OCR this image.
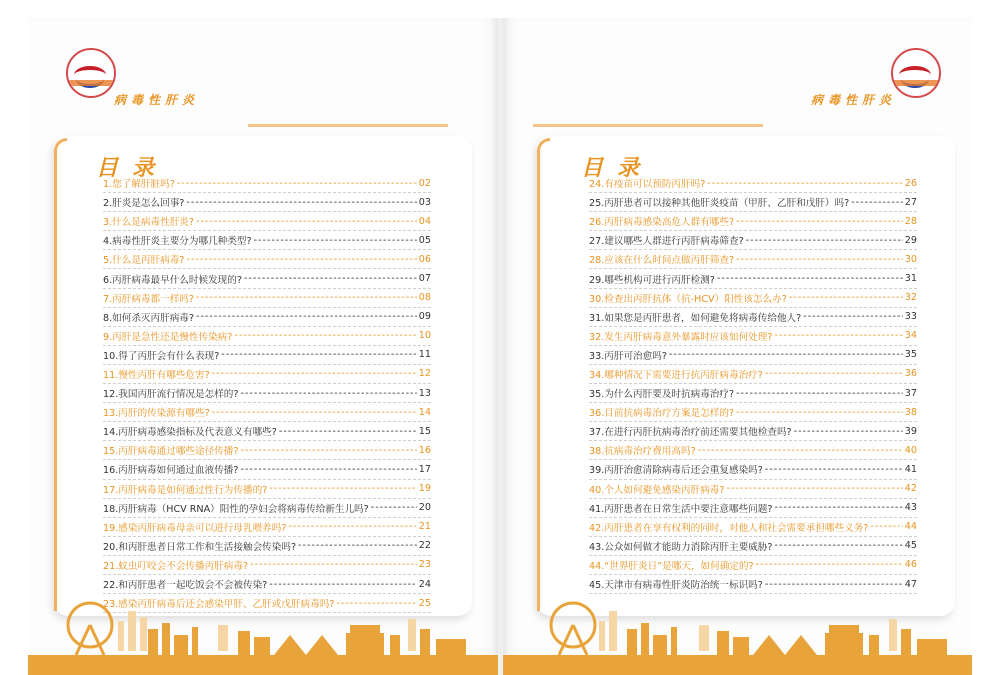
病毒性肝炎
目录
1.您了解肝脏吗? -----	02
2.肝炎是怎么回事? -----	03
3.什么是病毒性肝炎? -----	04
4.病毒性肝炎主要分为哪几种类型? -----	05
5.什么是丙肝病毒? -----	06
6.丙肝病毒最早什么时候发现的? -----	07
7.丙肝病毒都一样吗? -----	08
8.如何杀灭丙肝病毒? -----	09
9.丙肝是急性还是慢性传染病? -----	10
10.得了丙肝会有什么表现? -----	11
11.慢性丙肝有哪些危害? -----	12
12.我国丙肝流行情况是怎样的? -----	13
13.丙肝的传染源有哪些? -----	14
14.丙肝病毒感染指标及代表意义有哪些? -----	15
15.丙肝病毒通过哪些途径传播? -----	16
16.丙肝病毒如何通过血液传播? -----	17
17.丙肝病毒是如何通过性行为传播的? -----	19
18.丙肝病毒（HCV RNA）阳性的孕妇会将病毒传给新生儿吗? -----	20
19.感染丙肝病毒母亲可以进行母乳喂养吗? -----	21
20.和丙肝患者日常工作和生活接触会传染吗? -----	22
21.蚊虫叮咬会不会传播丙肝病毒? -----	23
22.和丙肝患者一起吃饭会不会被传染? -----	24
23.感染丙肝病毒后还会感染甲肝、乙肝或戊肝病毒吗? -----	25
病毒性肝炎
目录
24.有疫苗可以预防丙肝吗? -----	26
25.丙肝患者可以接种其他肝炎疫苗（甲肝、乙肝和戊肝）吗? -----	27
26.丙肝病毒感染高危人群有哪些? -----	28
27.建议哪些人群进行丙肝病毒筛查? -----	29
28.应该在什么时间点做丙肝筛查? -----	30
29.哪些机构可进行丙肝检测? -----	31
30.检查出丙肝抗体（抗-HCV）阳性该怎么办? -----	32
31.如果您是丙肝患者，如何避免将病毒传给他人? -----	33
32.发生丙肝病毒意外暴露时应该如何处理? -----	34
33.丙肝可治愈吗? -----	35
34.哪种情况下需要进行抗丙肝病毒治疗? -----	36
35.为什么丙肝要及时抗病毒治疗? -----	37
36.目前抗病毒治疗方案是怎样的? -----	38
37.在进行丙肝抗病毒治疗前还需要其他检查吗? -----	39
38.抗病毒治疗费用高吗? -----	40
39.丙肝治愈清除病毒后还会重复感染吗? -----	41
40.个人如何避免感染丙肝病毒? -----	42
41.丙肝患者在日常生活中要注意哪些问题? -----	43
42.丙肝患者在享有权利的同时，对他人和社会需要承担哪些义务? -----	44
43.公众如何做才能助力消除丙肝主要威胁? -----	45
44.“世界肝炎日”是哪天，如何确定的? -----	46
45.天津市有病毒性肝炎防治统一标识吗? -----	47
